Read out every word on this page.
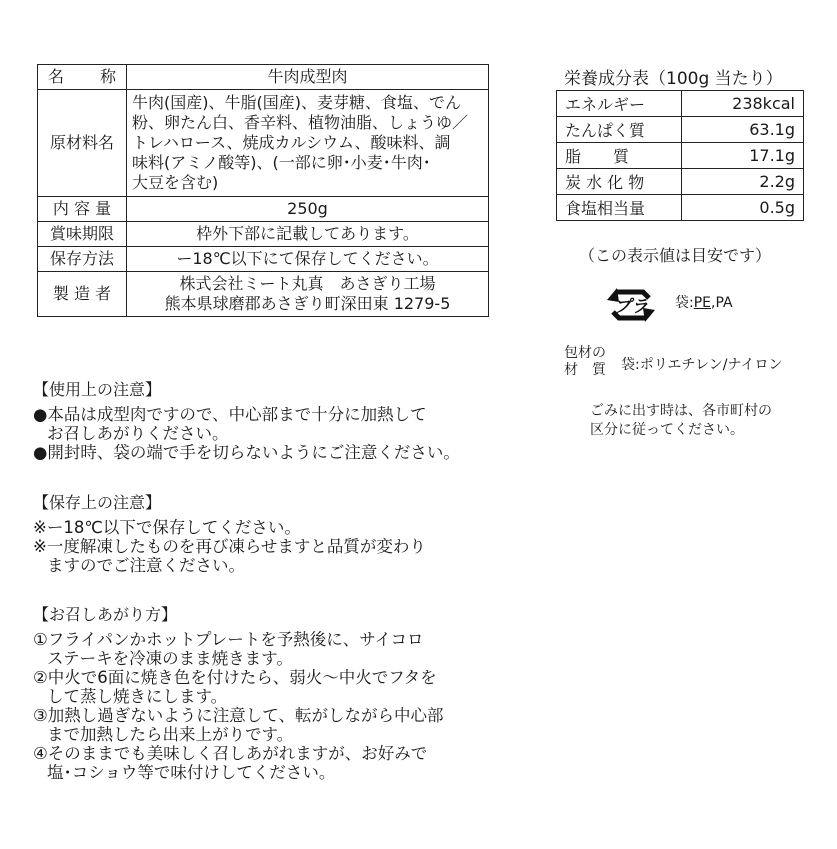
名 称	牛肉成型肉
原材料名	牛肉(国産)、牛脂(国産)、麦芽糖、食塩、でん
粉、卵たん白、香辛料、植物油脂、しょうゆ／
トレハロース、焼成カルシウム、酸味料、調
味料(アミノ酸等)、(一部に卵･小麦･牛肉･
大豆を含む)

内 容 量	250g
賞味期限	枠外下部に記載してあります。
保存方法	ー18℃以下にて保存してください。
製 造 者	株式会社ミート丸真　あさぎり工場
熊本県球磨郡あさぎり町深田東 1279-5
栄養成分表（100g 当たり）
エネルギー	238kcal
たんぱく質	63.1g
脂　　質	17.1g
炭 水 化 物	2.2g
食塩相当量	0.5g
（この表示値は目安です）
プラ 袋:PE,PA
包材の
材　質 袋:ポリエチレン/ナイロン
ごみに出す時は、各市町村の
区分に従ってください。
【使用上の注意】
●本品は成型肉ですので、中心部まで十分に加熱して
お召しあがりください。
●開封時、袋の端で手を切らないようにご注意ください。
【保存上の注意】
※ー18℃以下で保存してください。
※一度解凍したものを再び凍らせますと品質が変わり
ますのでご注意ください。
【お召しあがり方】
①フライパンかホットプレートを予熱後に、サイコロ
ステーキを冷凍のまま焼きます。
②中火で6面に焼き色を付けたら、弱火～中火でフタを
して蒸し焼きにします。
③加熱し過ぎないように注意して、転がしながら中心部
まで加熱したら出来上がりです。
④そのままでも美味しく召しあがれますが、お好みで
塩･コショウ等で味付けしてください。
